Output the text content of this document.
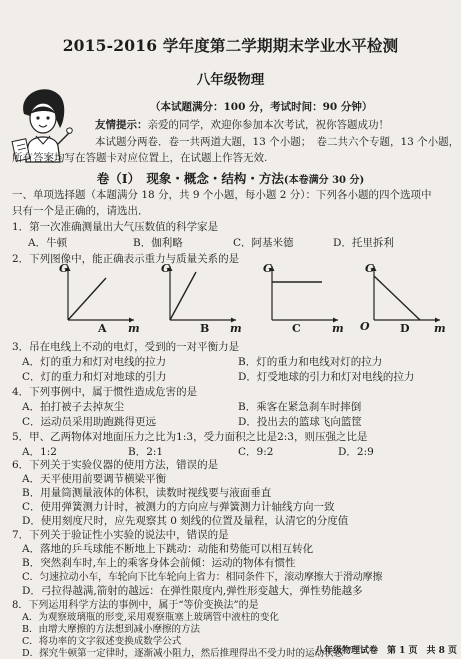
2015-2016 学年度第二学期期末学业水平检测
八年级物理
（本试题满分：100 分，考试时间：90 分钟）
友情提示：亲爱的同学，欢迎你参加本次考试，祝你答题成功！
本试题分两卷．卷一共两道大题，13 个小题；　卷二共六个专题，13 个小题，
所有答案均写在答题卡对应位置上，在试题上作答无效.
卷（Ⅰ）　现象・概念・结构・方法(本卷满分 30 分)
一、单项选择题（本题满分 18 分，共 9 个小题，每小题 2 分）：下列各小题的四个选项中
只有一个是正确的，请选出．
1．第一次准确测量出大气压数值的科学家是
A．牛顿	B．伽利略	C．阿基米德	D．托里拆利
2．下列图像中，能正确表示重力与质量关系的是
G
m
A
G
m
B
G
m
C
G
O	m
D
3．吊在电线上不动的电灯，受到的一对平衡力是
A．灯的重力和灯对电线的拉力	B．灯的重力和电线对灯的拉力
C．灯的重力和灯对地球的引力	D．灯受地球的引力和灯对电线的拉力
4．下列事例中，属于惯性造成危害的是
A．拍打被子去掉灰尘	B．乘客在紧急刹车时摔倒
C．运动员采用助跑跳得更远	D．投出去的篮球飞向篮筐
5．甲、乙两物体对地面压力之比为1:3，受力面积之比是2:3，则压强之比是
A．1:2	B．2:1	C．9:2	D．2:9
6．下列关于实验仪器的使用方法，错误的是
A．天平使用前要调节横梁平衡
B．用量筒测量液体的体积，读数时视线要与液面垂直
C．使用弹簧测力计时，被测力的方向应与弹簧测力计轴线方向一致
D．使用刻度尺时，应先观察其 0 刻线的位置及量程，认清它的分度值
7．下列关于验证性小实验的说法中，错误的是
A．落地的乒乓球能不断地上下跳动：动能和势能可以相互转化
B．突然刹车时,车上的乘客身体会前倾：运动的物体有惯性
C．匀速拉动小车，车轮向下比车轮向上省力：相同条件下，滚动摩擦大于滑动摩擦
D．弓拉得越满,箭射的越远：在弹性限度内,弹性形变越大，弹性势能越多
八年级物理试卷　第 1 页　共 8 页
8．下列运用科学方法的事例中，属于“等价变换法”的是
A．为观察玻璃瓶的形变,采用观察瓶塞上玻璃管中液柱的变化
B．由增大摩擦的方法想到减小摩擦的方法
C．将功率的文字叙述变换成数学公式
D．探究牛顿第一定律时，逐渐减小阻力，然后推理得出不受力时的运动状态
